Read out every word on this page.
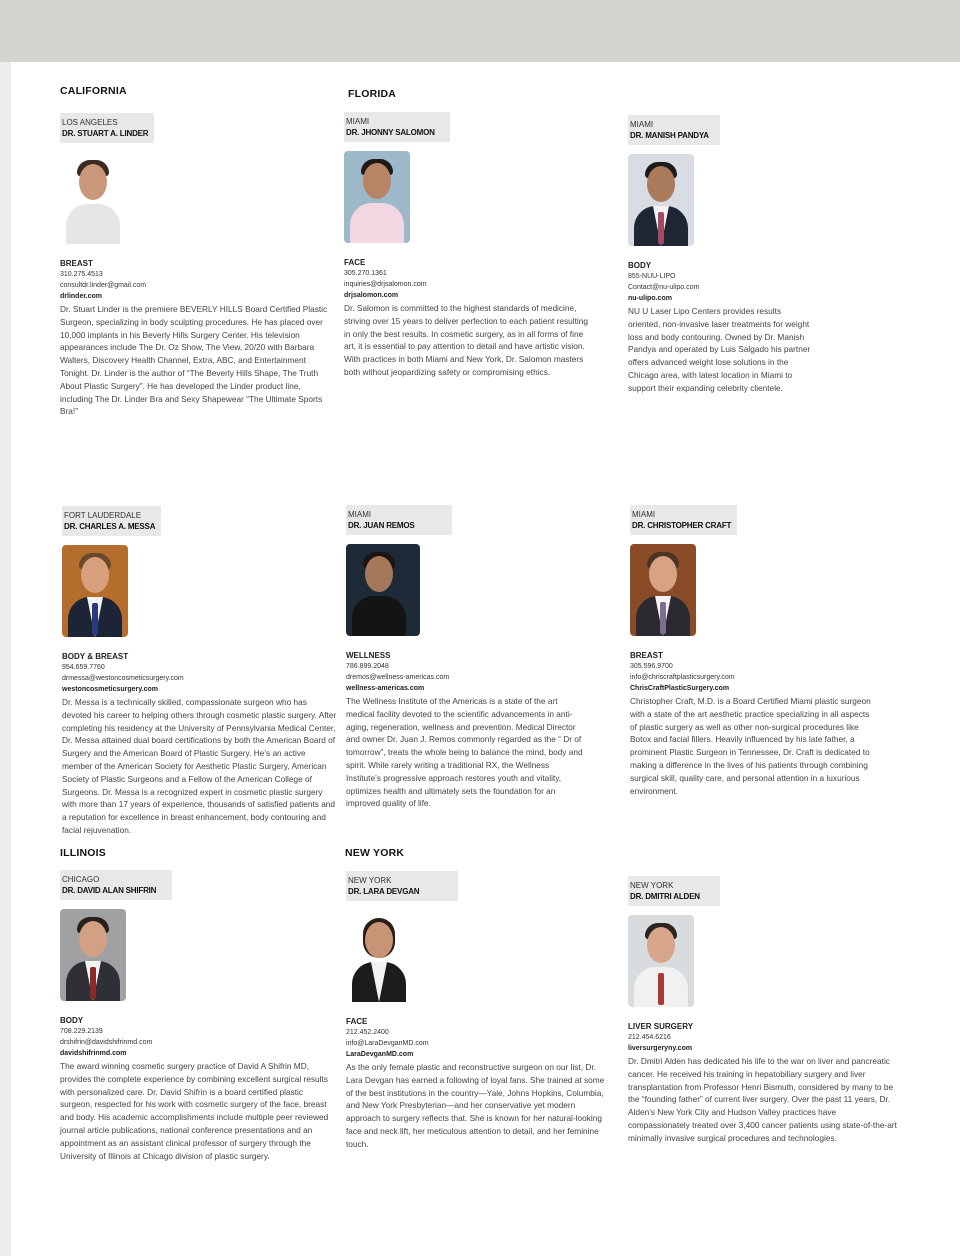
CALIFORNIA	FLORIDA
ILLINOIS	NEW YORK
LOS ANGELES
DR. STUART A. LINDER
BREAST
310.275.4513
consultdr.linder@gmail.com
drlinder.com
Dr. Stuart Linder is the premiere BEVERLY HILLS Board Certified Plastic Surgeon, specializing in body sculpting procedures. He has placed over 10,000 implants in his Beverly Hills Surgery Center. His television appearances include The Dr. Oz Show, The View, 20/20 with Barbara Walters, Discovery Health Channel, Extra, ABC, and Entertainment Tonight. Dr. Linder is the author of “The Beverly Hills Shape, The Truth About Plastic Surgery”. He has developed the Linder product line, including The Dr. Linder Bra and Sexy Shapewear “The Ultimate Sports Bra!”
MIAMI
DR. JHONNY SALOMON
FACE
305.270.1361
inquiries@drjsalomon.com
drjsalomon.com
Dr. Salomon is committed to the highest standards of medicine, striving over 15 years to deliver perfection to each patient resulting in only the best results. In cosmetic surgery, as in all forms of fine art, it is essential to pay attention to detail and have artistic vision. With practices in both Miami and New York, Dr. Salomon masters both without jeopardizing safety or compromising ethics.
MIAMI
DR. MANISH PANDYA
BODY
855-NUU-LIPO
Contact@nu-ulipo.com
nu-ulipo.com
NU U Laser Lipo Centers provides results oriented, non-invasive laser treatments for weight loss and body contouring. Owned by Dr. Manish Pandya and operated by Luis Salgado his partner offers advanced weight lose solutions in the Chicago area, with latest location in Miami to support their expanding celebrity clientele.
FORT LAUDERDALE
DR. CHARLES A. MESSA
BODY & BREAST
954.659.7760
drmessa@westoncosmeticsurgery.com
westoncosmeticsurgery.com
Dr. Messa is a technically skilled, compassionate surgeon who has devoted his career to helping others through cosmetic plastic surgery. After completing his residency at the University of Pennsylvania Medical Center, Dr. Messa attained dual board certifications by both the American Board of Surgery and the American Board of Plastic Surgery. He’s an active member of the American Society for Aesthetic Plastic Surgery, American Society of Plastic Surgeons and a Fellow of the American College of Surgeons. Dr. Messa is a recognized expert in cosmetic plastic surgery with more than 17 years of experience, thousands of satisfied patients and a reputation for excellence in breast enhancement, body contouring and facial rejuvenation.
MIAMI
DR. JUAN REMOS
WELLNESS
786.899.2048
dremos@wellness-americas.com
wellness-americas.com
The Wellness Institute of the Americas is a state of the art medical facility devoted to the scientific advancements in anti-aging, regeneration, wellness and prevention. Medical Director and owner Dr. Juan J. Remos commonly regarded as the “ Dr of tomorrow”, treats the whole being to balance the mind, body and spirit. While rarely writing a traditional RX, the Wellness Institute’s progressive approach restores youth and vitality, optimizes health and ultimately sets the foundation for an improved quality of life.
MIAMI
DR. CHRISTOPHER CRAFT
BREAST
305.596.9700
info@chriscraftplasticsurgery.com
ChrisCraftPlasticSurgery.com
Christopher Craft, M.D. is a Board Certified Miami plastic surgeon with a state of the art aesthetic practice specializing in all aspects of plastic surgery as well as other non-surgical procedures like Botox and facial fillers. Heavily influenced by his late father, a prominent Plastic Surgeon in Tennessee, Dr. Craft is dedicated to making a difference in the lives of his patients through combining surgical skill, quality care, and personal attention in a luxurious environment.
CHICAGO
DR. DAVID ALAN SHIFRIN
BODY
708.229.2139
drshifrin@davidshifrinmd.com
davidshifrinmd.com
The award winning cosmetic surgery practice of David A Shifrin MD, provides the complete experience by combining excellent surgical results with personalized care. Dr. David Shifrin is a board certified plastic surgeon, respected for his work with cosmetic surgery of the face, breast and body. His academic accomplishments include multiple peer reviewed journal article publications, national conference presentations and an appointment as an assistant clinical professor of surgery through the University of Illinois at Chicago division of plastic surgery.
NEW YORK
DR. LARA DEVGAN
FACE
212.452.2400
info@LaraDevganMD.com
LaraDevganMD.com
As the only female plastic and reconstructive surgeon on our list, Dr. Lara Devgan has earned a following of loyal fans. She trained at some of the best institutions in the country—Yale, Johns Hopkins, Columbia, and New York Presbyterian—and her conservative yet modern approach to surgery reflects that. She is known for her natural-looking face and neck lift, her meticulous attention to detail, and her feminine touch.
NEW YORK
DR. DMITRI ALDEN
LIVER SURGERY
212.454.6216
liversurgeryny.com
Dr. Dmitri Alden has dedicated his life to the war on liver and pancreatic cancer. He received his training in hepatobiliary surgery and liver transplantation from Professor Henri Bismuth, considered by many to be the “founding father” of current liver surgery. Over the past 11 years, Dr. Alden’s New York City and Hudson Valley practices have compassionately treated over 3,400 cancer patients using state-of-the-art minimally invasive surgical procedures and technologies.
